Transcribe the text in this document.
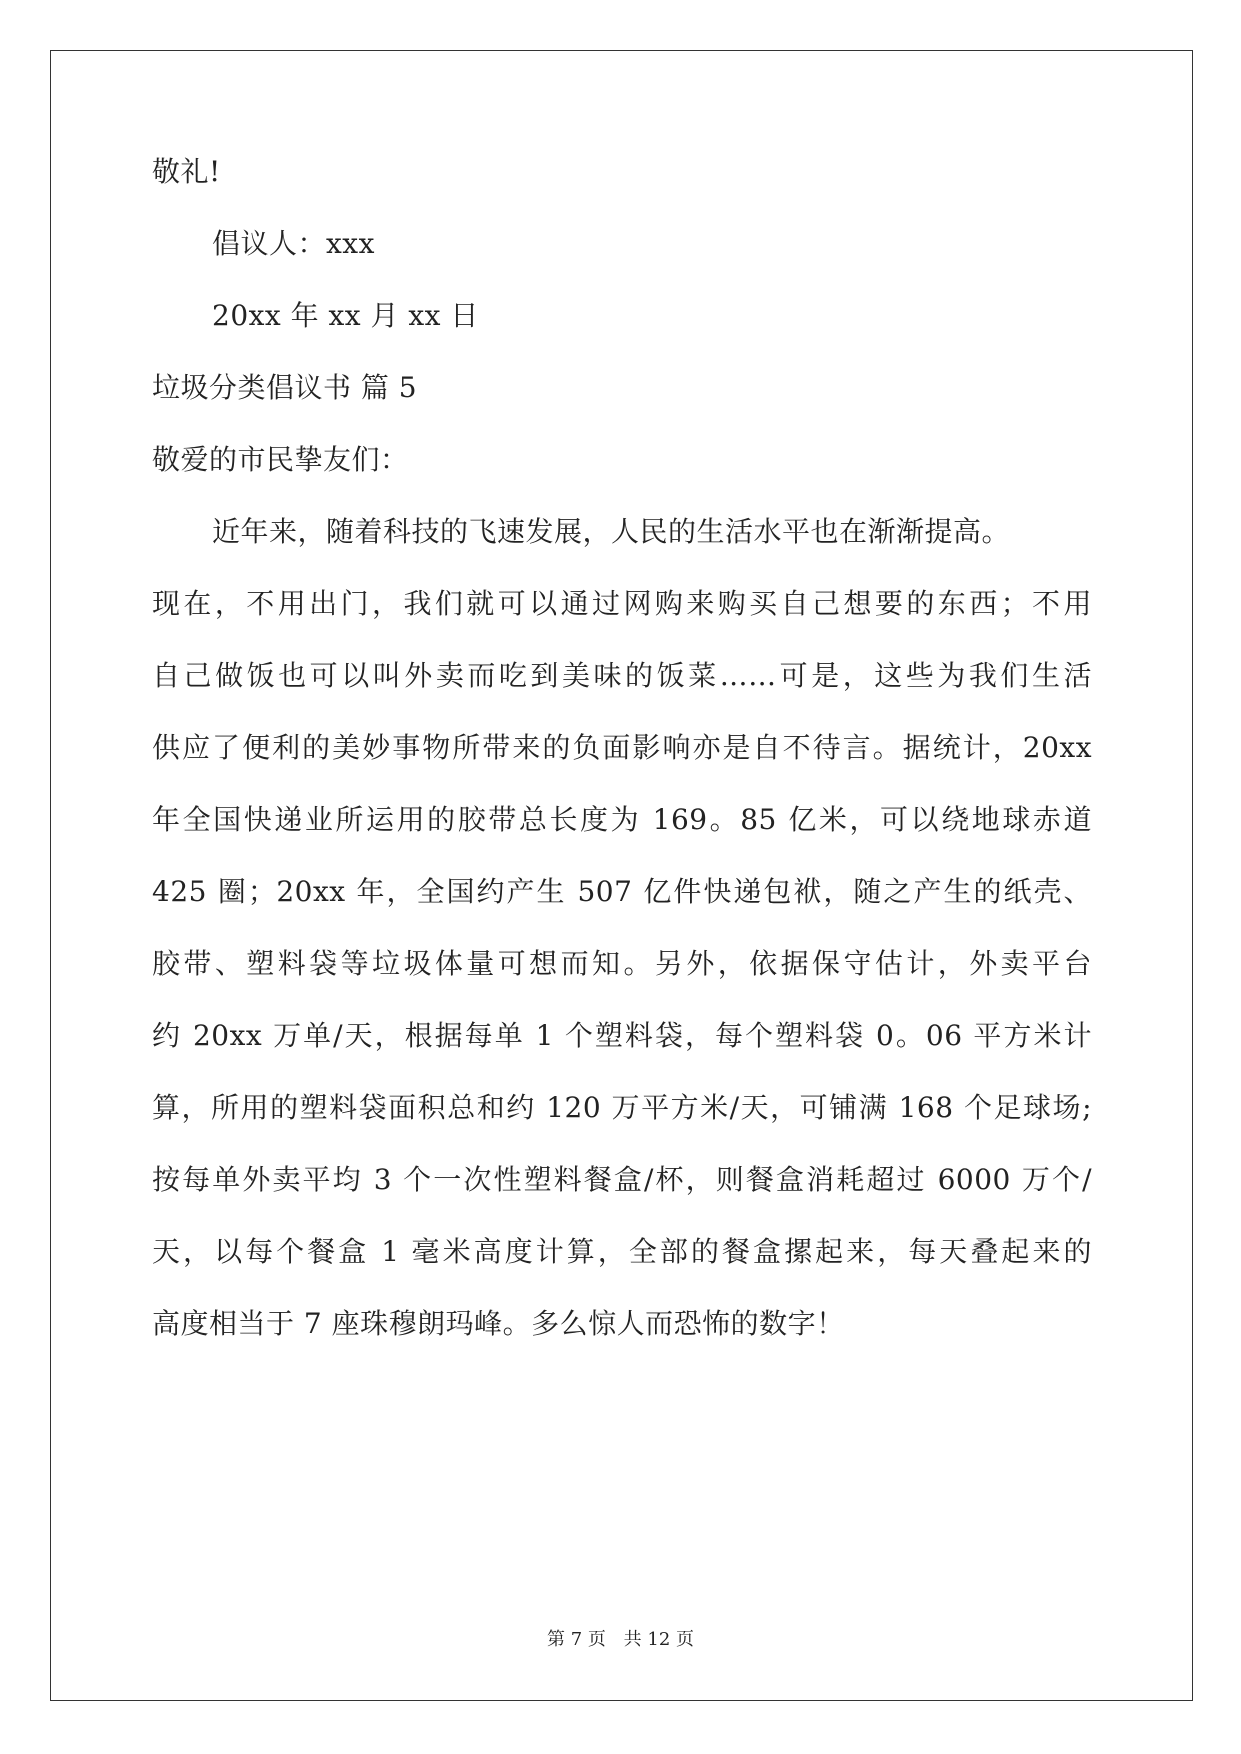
敬礼!
倡议人：xxx
20xx 年 xx 月 xx 日
垃圾分类倡议书 篇 5
敬爱的市民挚友们：
近年来，随着科技的飞速发展，人民的生活水平也在渐渐提高。
现在，不用出门，我们就可以通过网购来购买自己想要的东西；不用
自己做饭也可以叫外卖而吃到美味的饭菜……可是，这些为我们生活
供应了便利的美妙事物所带来的负面影响亦是自不待言。据统计，20xx
年全国快递业所运用的胶带总长度为 169。85 亿米，可以绕地球赤道
425 圈；20xx 年，全国约产生 507 亿件快递包袱，随之产生的纸壳、
胶带、塑料袋等垃圾体量可想而知。另外，依据保守估计，外卖平台
约 20xx 万单/天，根据每单 1 个塑料袋，每个塑料袋 0。06 平方米计
算，所用的塑料袋面积总和约 120 万平方米/天，可铺满 168 个足球场;
按每单外卖平均 3 个一次性塑料餐盒/杯，则餐盒消耗超过 6000 万个/
天，以每个餐盒 1 毫米高度计算，全部的餐盒摞起来，每天叠起来的
高度相当于 7 座珠穆朗玛峰。多么惊人而恐怖的数字！
第 7 页 共 12 页
